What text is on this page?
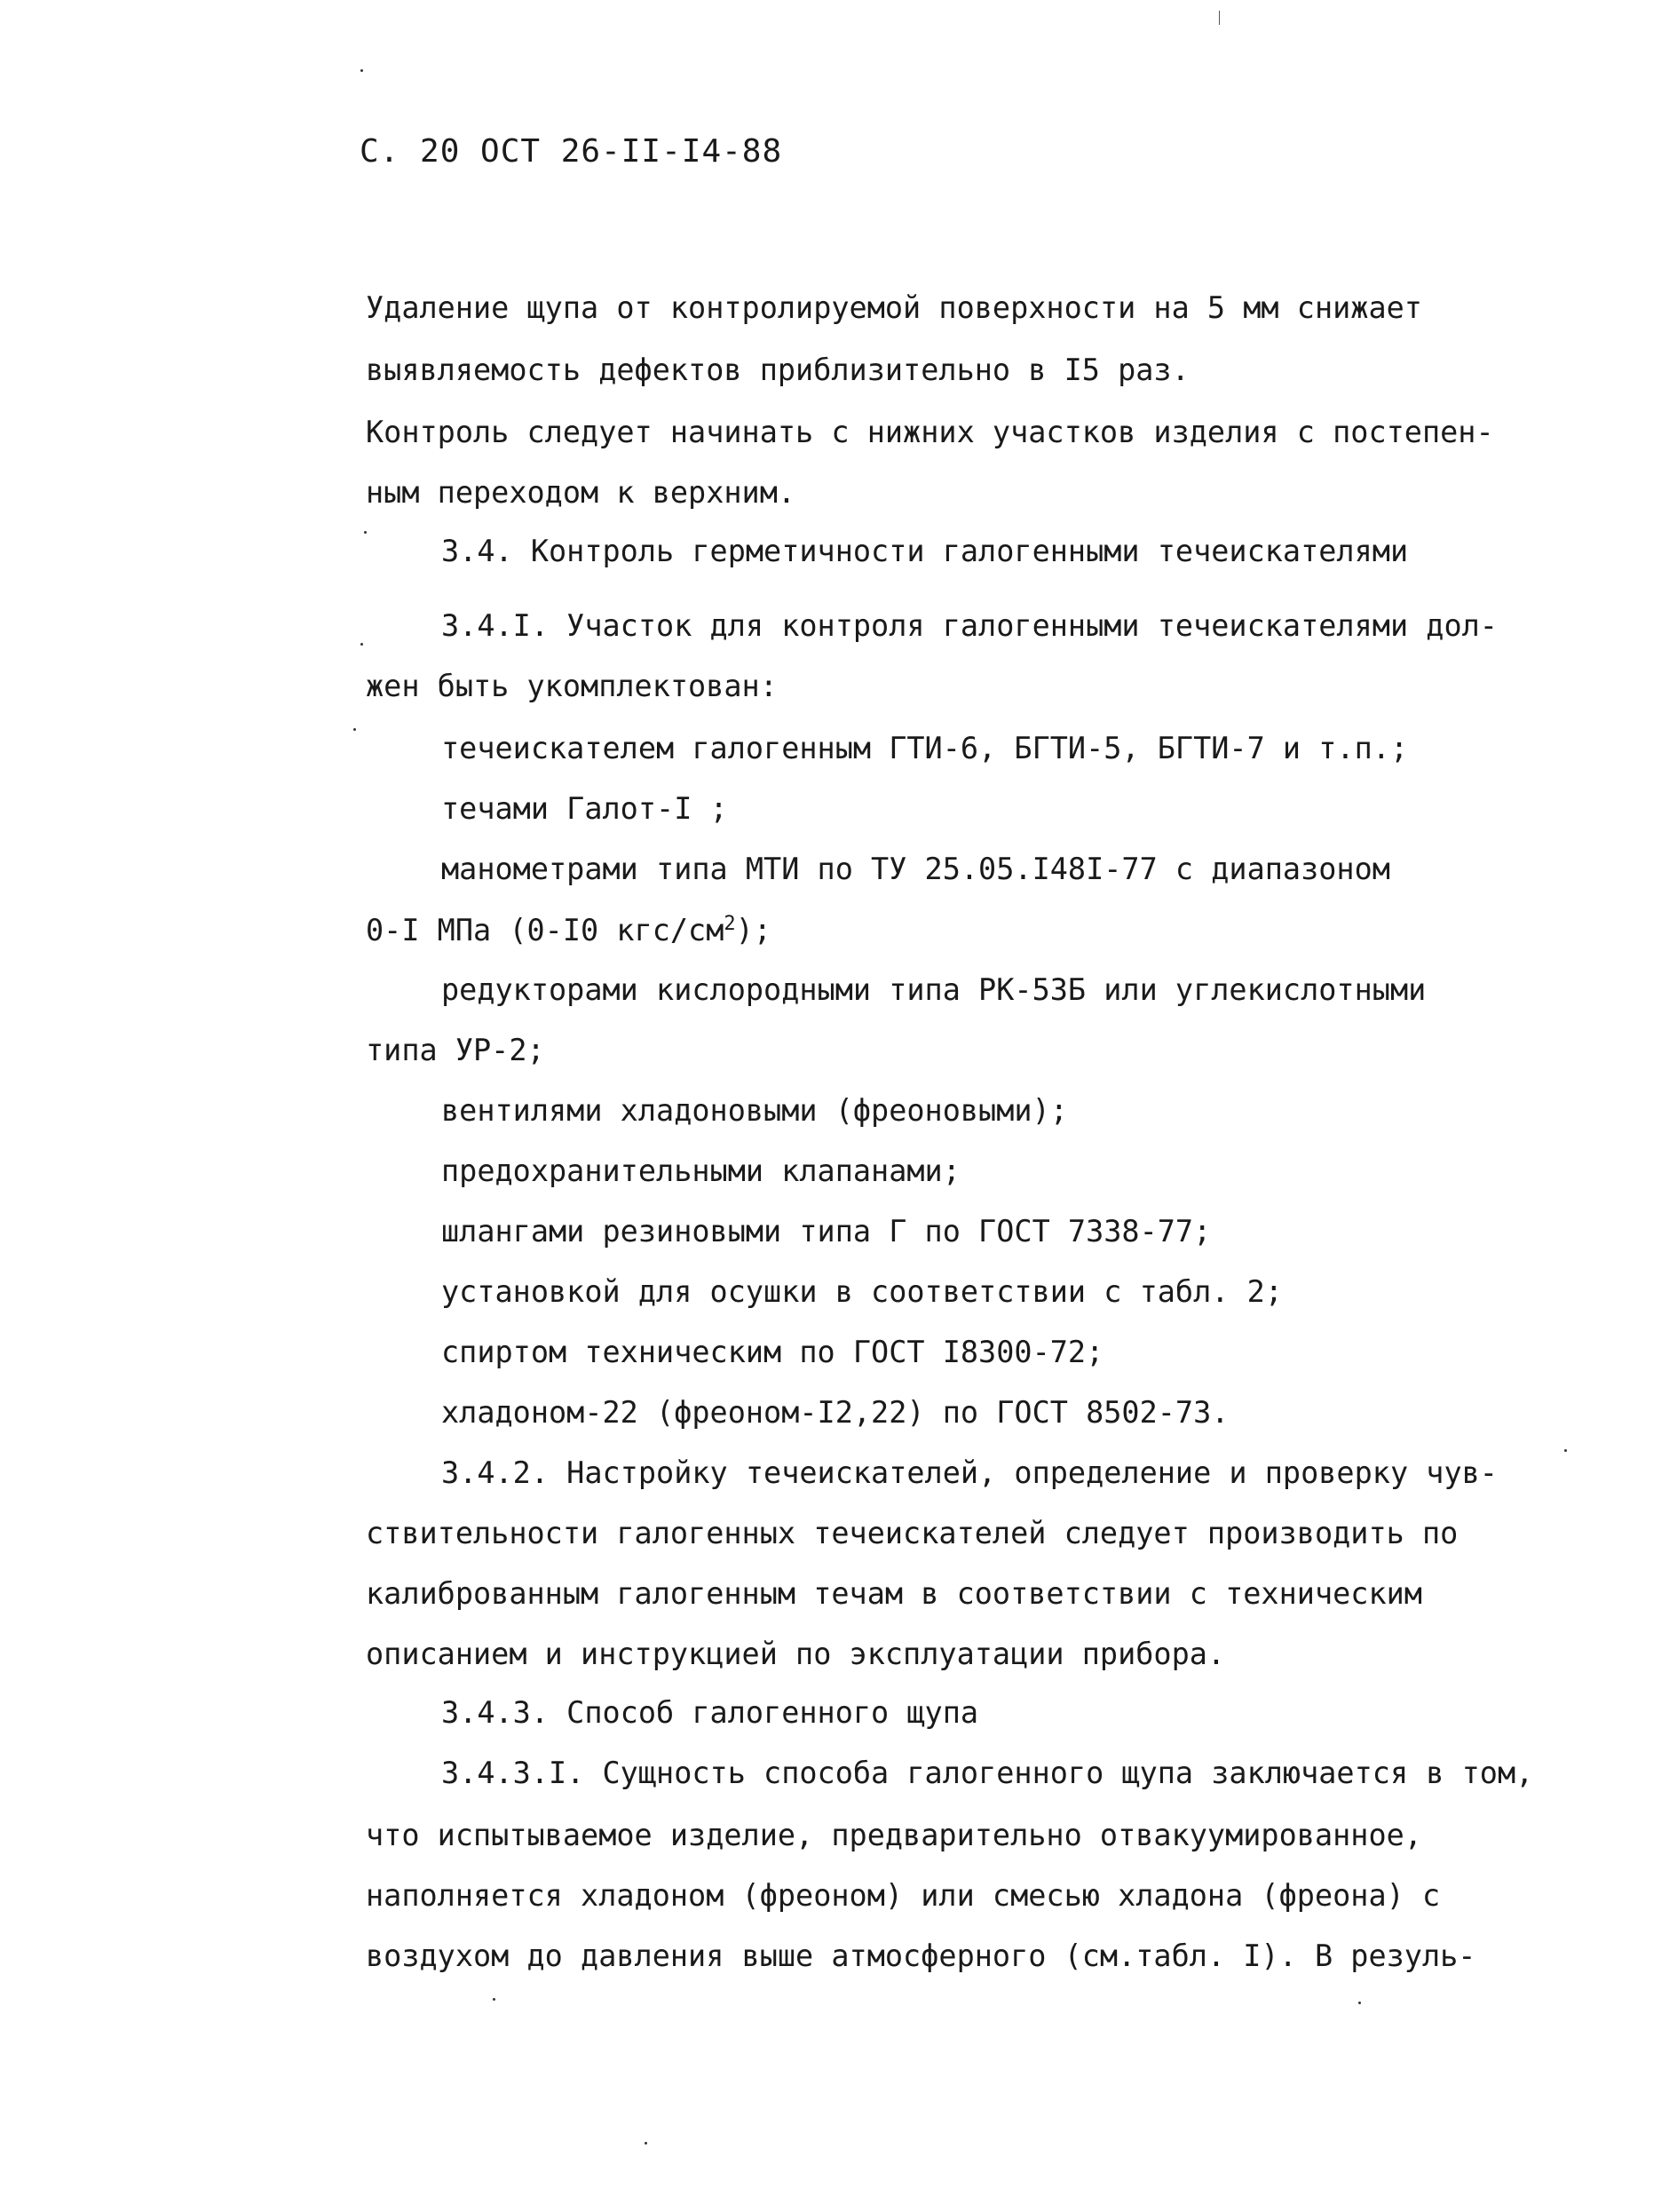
С. 20 ОСТ 26-II-I4-88
Удаление щупа от контролируемой поверхности на 5 мм снижает
выявляемость дефектов приблизительно в I5 раз.
Контроль следует начинать с нижних участков изделия с постепен-
ным переходом к верхним.
3.4. Контроль герметичности галогенными течеискателями
3.4.I. Участок для контроля галогенными течеискателями дол-
жен быть укомплектован:
течеискателем галогенным ГТИ-6, БГТИ-5, БГТИ-7 и т.п.;
течами Галот-I ;
манометрами типа МТИ по ТУ 25.05.I48I-77 с диапазоном
0-I МПа (0-I0 кгс/$см^2$);
редукторами кислородными типа РК-53Б или углекислотными
типа УР-2;
вентилями хладоновыми (фреоновыми);
предохранительными клапанами;
шлангами резиновыми типа Г по ГОСТ 7338-77;
установкой для осушки в соответствии с табл. 2;
спиртом техническим по ГОСТ I8300-72;
хладоном-22 (фреоном-I2,22) по ГОСТ 8502-73.
3.4.2. Настройку течеискателей, определение и проверку чув-
ствительности галогенных течеискателей следует производить по
калиброванным галогенным течам в соответствии с техническим
описанием и инструкцией по эксплуатации прибора.
3.4.3. Способ галогенного щупа
3.4.3.I. Сущность способа галогенного щупа заключается в том,
что испытываемое изделие, предварительно отвакуумированное,
наполняется хладоном (фреоном) или смесью хладона (фреона) с
воздухом до давления выше атмосферного (см.табл. I). В резуль-
